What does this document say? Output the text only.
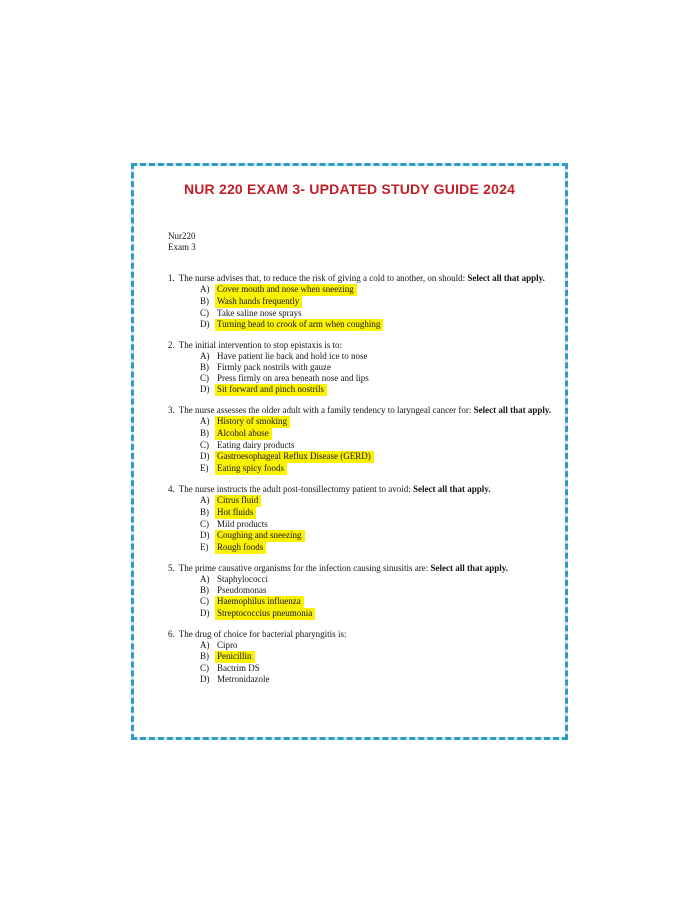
NUR 220 EXAM 3- UPDATED STUDY GUIDE 2024
Nur220
Exam 3

1. The nurse advises that, to reduce the risk of giving a cold to another, on should: Select all that apply.

A) Cover mouth and nose when sneezing
B) Wash hands frequently
C) Take saline nose sprays
D) Turning head to crook of arm when coughing

2. The initial intervention to stop epistaxis is to:

A) Have patient lie back and hold ice to nose
B) Firmly pack nostrils with gauze
C) Press firmly on area beneath nose and lips
D) Sit forward and pinch nostrils

3. The nurse assesses the older adult with a family tendency to laryngeal cancer for: Select all that apply.

A) History of smoking
B) Alcohol abuse
C) Eating dairy products
D) Gastroesophageal Reflux Disease (GERD)
E) Eating spicy foods

4. The nurse instructs the adult post-tonsillectomy patient to avoid: Select all that apply.

A) Citrus fluid
B) Hot fluids
C) Mild products
D) Coughing and sneezing
E) Rough foods

5. The prime causative organisms for the infection causing sinusitis are: Select all that apply.

A) Staphylococci
B) Pseudomonas
C) Haemophilus influenza
D) Streptococcius pneumonia

6. The drug of choice for bacterial pharyngitis is:

A) Cipro
B) Penicillin
C) Bactrim DS
D) Metronidazole
